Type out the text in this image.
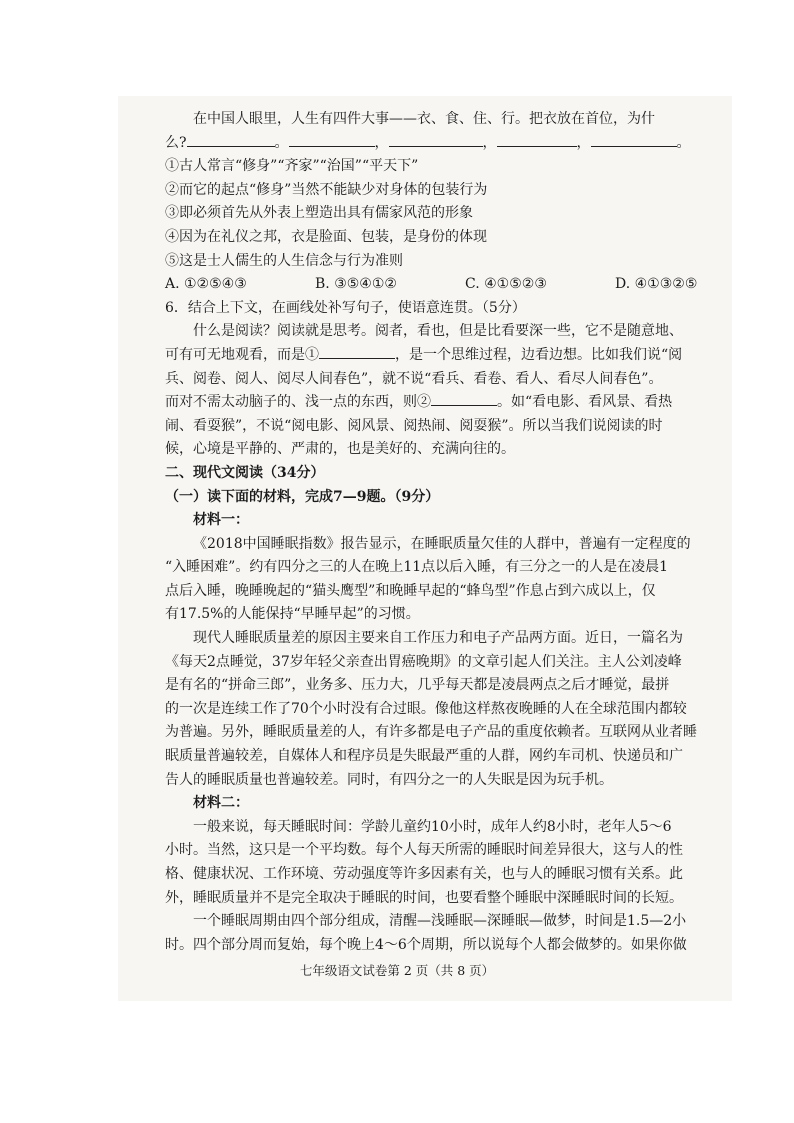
在中国人眼里，人生有四件大事——衣、食、住、行。把衣放在首位，为什
么?	。	，	，	，	。
①古人常言“修身”“齐家”“治国”“平天下”
②而它的起点“修身”当然不能缺少对身体的包装行为
③即必须首先从外表上塑造出具有儒家风范的形象
④因为在礼仪之邦，衣是脸面、包装，是身份的体现
⑤这是士人儒生的人生信念与行为准则
A. ①②⑤④③	B. ③⑤④①②	C. ④①⑤②③	D. ④①③②⑤
6．结合上下文，在画线处补写句子，使语意连贯。（5分）
什么是阅读？阅读就是思考。阅者，看也，但是比看要深一些，它不是随意地、
可有可无地观看，而是①	，是一个思维过程，边看边想。比如我们说“阅
兵、阅卷、阅人、阅尽人间春色”，就不说“看兵、看卷、看人、看尽人间春色”。
而对不需太动脑子的、浅一点的东西，则②	。如“看电影、看风景、看热
闹、看耍猴”，不说“阅电影、阅风景、阅热闹、阅耍猴”。所以当我们说阅读的时
候，心境是平静的、严肃的，也是美好的、充满向往的。
二、现代文阅读（34分）
（一）读下面的材料，完成7—9题。（9分）
材料一：
《2018中国睡眠指数》报告显示，在睡眠质量欠佳的人群中，普遍有一定程度的
“入睡困难”。约有四分之三的人在晚上11点以后入睡，有三分之一的人是在凌晨1
点后入睡，晚睡晚起的“猫头鹰型”和晚睡早起的“蜂鸟型”作息占到六成以上，仅
有17.5%的人能保持“早睡早起”的习惯。
现代人睡眠质量差的原因主要来自工作压力和电子产品两方面。近日，一篇名为
《每天2点睡觉，37岁年轻父亲查出胃癌晚期》的文章引起人们关注。主人公刘凌峰
是有名的“拼命三郎”，业务多、压力大，几乎每天都是凌晨两点之后才睡觉，最拼
的一次是连续工作了70个小时没有合过眼。像他这样熬夜晚睡的人在全球范围内都较
为普遍。另外，睡眠质量差的人，有许多都是电子产品的重度依赖者。互联网从业者睡
眠质量普遍较差，自媒体人和程序员是失眠最严重的人群，网约车司机、快递员和广
告人的睡眠质量也普遍较差。同时，有四分之一的人失眠是因为玩手机。
材料二：
一般来说，每天睡眠时间：学龄儿童约10小时，成年人约8小时，老年人5～6
小时。当然，这只是一个平均数。每个人每天所需的睡眠时间差异很大，这与人的性
格、健康状况、工作环境、劳动强度等许多因素有关，也与人的睡眠习惯有关系。此
外，睡眠质量并不是完全取决于睡眠的时间，也要看整个睡眠中深睡眠时间的长短。
一个睡眠周期由四个部分组成，清醒—浅睡眠—深睡眠—做梦，时间是1.5—2小
时。四个部分周而复始，每个晚上4～6个周期，所以说每个人都会做梦的。如果你做
七年级语文试卷第 2 页（共 8 页）
